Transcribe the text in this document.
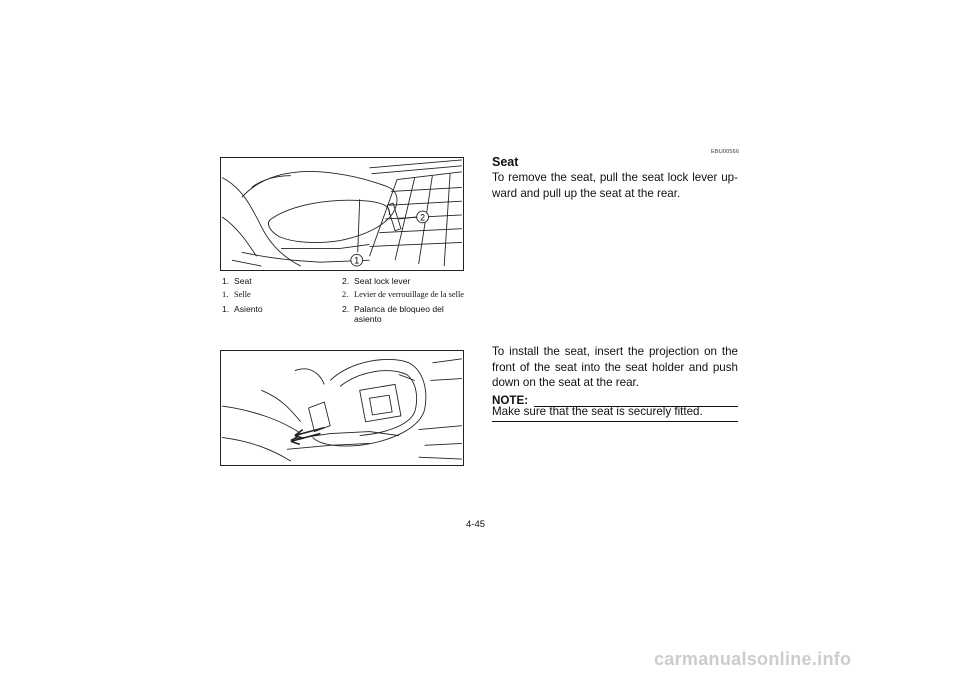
1
2
1. Seat	2. Seat lock lever
1. Selle	2. Levier de verrouillage de la selle
1. Asiento	2. Palanca de bloqueo del asiento
EBU00566
Seat
To remove the seat, pull the seat lock lever up-ward and pull up the seat at the rear.
To install the seat, insert the projection on the front of the seat into the seat holder and push down on the seat at the rear.
NOTE:
Make sure that the seat is securely fitted.
4-45
carmanualsonline.info
